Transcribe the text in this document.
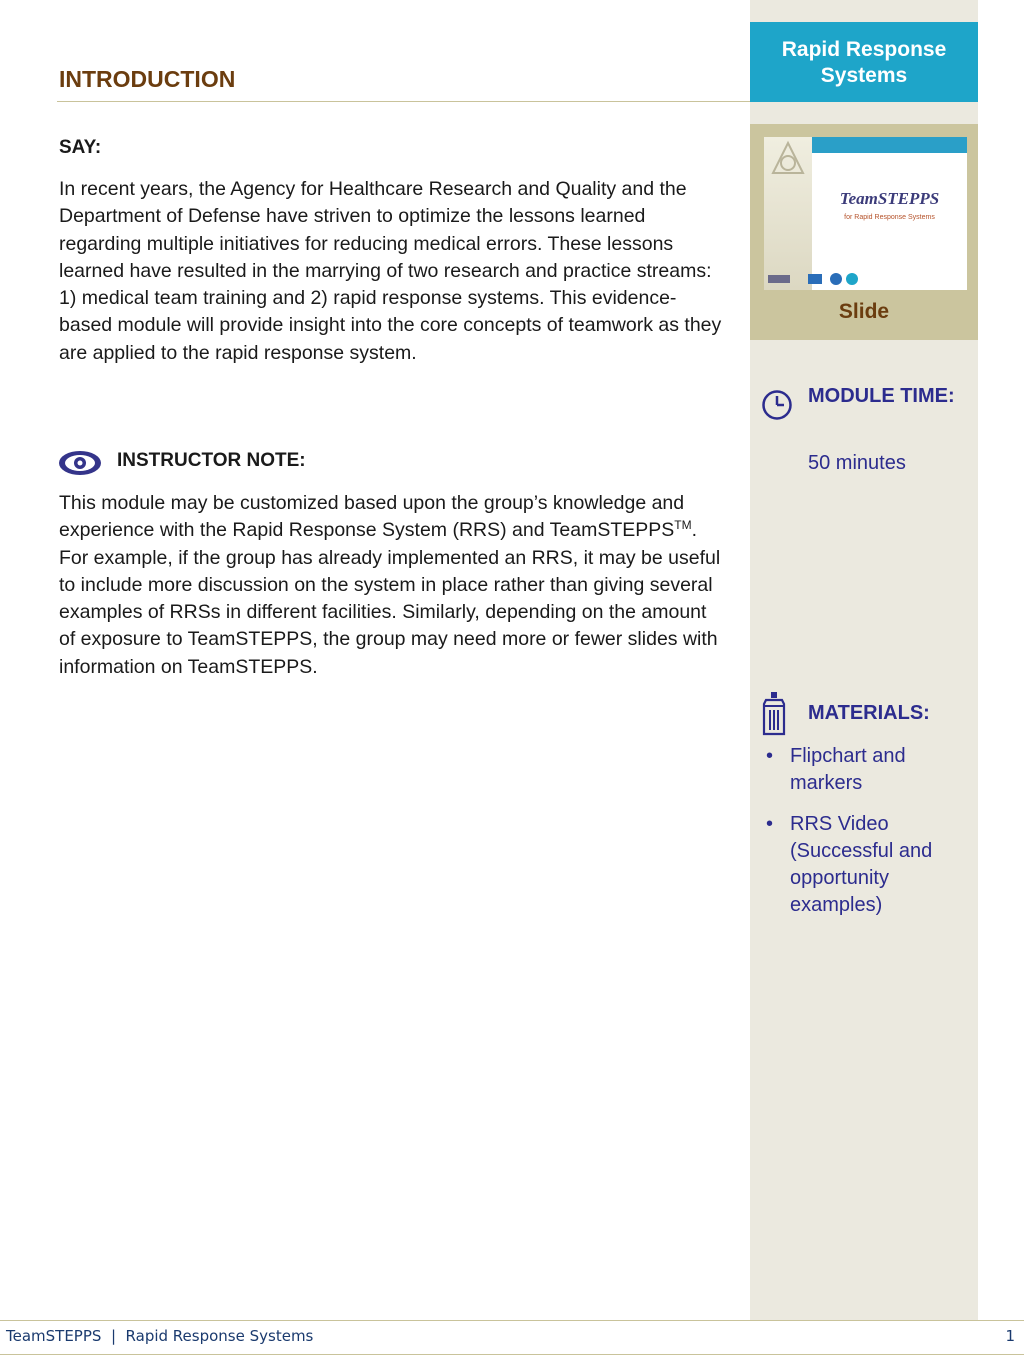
Rapid Response Systems
TeamSTEPPS
for Rapid Response Systems
Slide
INTRODUCTION
SAY:
In recent years, the Agency for Healthcare Research and Quality and the Department of Defense have striven to optimize the lessons learned regarding multiple initiatives for reducing medical errors. These lessons learned have resulted in the marrying of two research and practice streams: 1) medical team training and 2) rapid response systems. This evidence-based module will provide insight into the core concepts of teamwork as they are applied to the rapid response system.
INSTRUCTOR NOTE:
This module may be customized based upon the group’s knowledge and experience with the Rapid Response System (RRS) and TeamSTEPPS™. For example, if the group has already implemented an RRS, it may be useful to include more discussion on the system in place rather than giving several examples of RRSs in different facilities. Similarly, depending on the amount of exposure to TeamSTEPPS, the group may need more or fewer slides with information on TeamSTEPPS.
MODULE TIME:
50 minutes
MATERIALS:
• Flipchart and markers
• RRS Video (Successful and opportunity examples)
TeamSTEPPS  |  Rapid Response Systems	1
